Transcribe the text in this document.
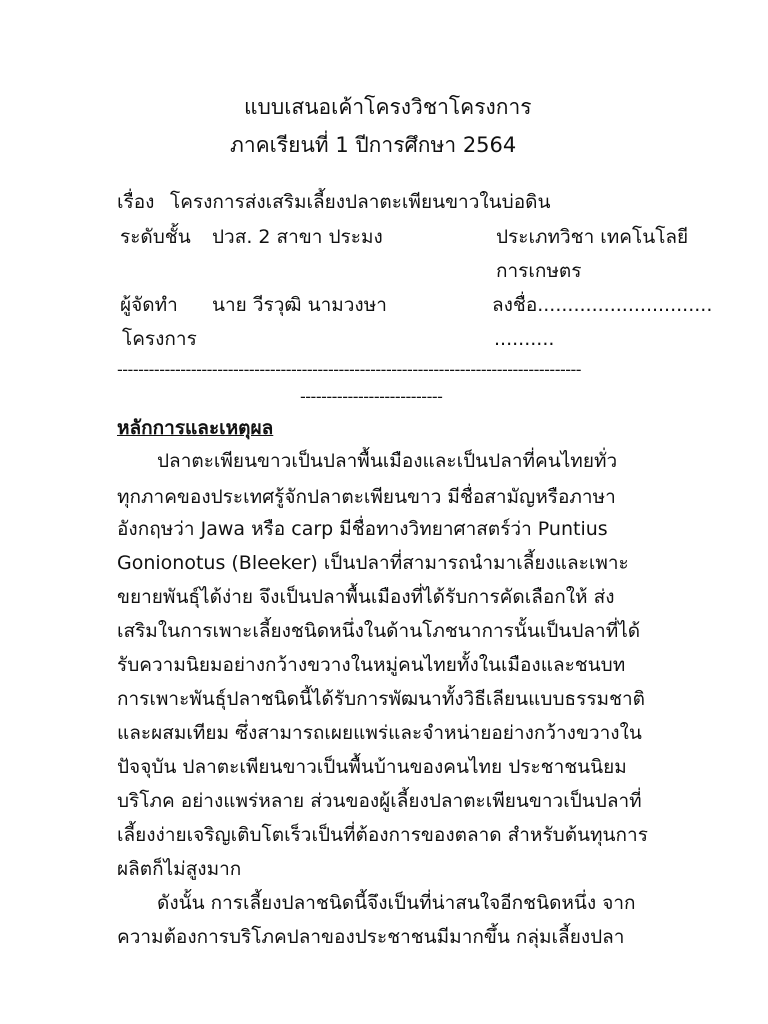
แบบเสนอเค้าโครงวิชาโครงการ
ภาคเรียนที่ 1 ปีการศึกษา 2564
เรื่อง โครงการส่งเสริมเลี้ยงปลาตะเพียนขาวในบ่อดิน
ระดับชั้น ปวส. 2 สาขา ประมง	ประเภทวิชา เทคโนโลยี
การเกษตร
ผู้จัดทำ นาย วีรวุฒิ นามวงษา	ลงชื่อ.............................
โครงการ	..........
----------------------------------------------------------------------------------------
---------------------------
หลักการและเหตุผล
ปลาตะเพียนขาวเป็นปลาพื้นเมืองและเป็นปลาที่คนไทยทั่ว
ทุกภาคของประเทศรู้จักปลาตะเพียนขาว มีชื่อสามัญหรือภาษา
อังกฤษว่า Jawa หรือ carp มีชื่อทางวิทยาศาสตร์ว่า Puntius
Gonionotus (Bleeker) เป็นปลาที่สามารถนำมาเลี้ยงและเพาะ
ขยายพันธุ์ได้ง่าย จึงเป็นปลาพื้นเมืองที่ได้รับการคัดเลือกให้ ส่ง
เสริมในการเพาะเลี้ยงชนิดหนึ่งในด้านโภชนาการนั้นเป็นปลาที่ได้
รับความนิยมอย่างกว้างขวางในหมู่คนไทยทั้งในเมืองและชนบท
การเพาะพันธุ์ปลาชนิดนี้ได้รับการพัฒนาทั้งวิธีเลียนแบบธรรมชาติ
และผสมเทียม ซึ่งสามารถเผยแพร่และจำหน่ายอย่างกว้างขวางใน
ปัจจุบัน ปลาตะเพียนขาวเป็นพื้นบ้านของคนไทย ประชาชนนิยม
บริโภค อย่างแพร่หลาย ส่วนของผู้เลี้ยงปลาตะเพียนขาวเป็นปลาที่
เลี้ยงง่ายเจริญเติบโตเร็วเป็นที่ต้องการของตลาด สำหรับต้นทุนการ
ผลิตก็ไม่สูงมาก
ดังนั้น การเลี้ยงปลาชนิดนี้จึงเป็นที่น่าสนใจอีกชนิดหนึ่ง จาก
ความต้องการบริโภคปลาของประชาชนมีมากขึ้น กลุ่มเลี้ยงปลา
